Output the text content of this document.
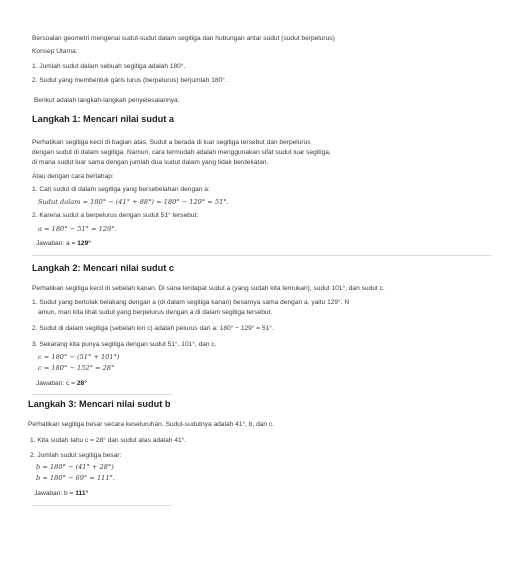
Bersoalan geometri mengenai sudut-sudut dalam segitiga dan hubungan antar sudut (sudut berpelurus)
Konsep Utama:
1. Jumlah sudut dalam sebuah segitiga adalah 180°.
2. Sudut yang membentuk garis lurus (berpelurus) berjumlah 180°.
Berikut adalah langkah-langkah penyelesaiannya:
Langkah 1: Mencari nilai sudut a
Perhatikan segitiga kecil di bagian atas. Sudut a berada di luar segitiga tersebut dan berpelurus
dengan sudut di dalam segitiga. Namun, cara termudah adalah menggunakan sifat sudut luar segitiga,
di mana sudut luar sama dengan jumlah dua sudut dalam yang tidak berdekatan.
Atau dengan cara bertahap:
1. Cari sudut di dalam segitiga yang bersebelahan dengan a:
Sudut dalam = 180° − (41° + 88°) = 180° − 129° = 51°.
2. Karena sudut a berpelurus dengan sudut 51° tersebut:
a = 180° − 51° = 129°.
Jawaban: a = 129°
Langkah 2: Mencari nilai sudut c
Perhatikan segitiga kecil di sebelah kanan. Di sana terdapat sudut a (yang sudah kita temukan), sudut 101°, dan sudut c.
1. Sudut yang bertolak belakang dengan a (di dalam segitiga kanan) besarnya sama dengan a, yaitu 129°. N
amun, mari kita lihat sudut yang berpelurus dengan a di dalam segitiga tersebut.
2. Sudut di dalam segitiga (sebelah kiri c) adalah pelurus dari a: 180° − 129° = 51°.
3. Sekarang kita punya segitiga dengan sudut 51°, 101°, dan c.
c = 180° − (51° + 101°)
c = 180° − 152° = 28°
Jawaban: c = 28°
Langkah 3: Mencari nilai sudut b
Perhatikan segitiga besar secara keseluruhan. Sudut-sudutnya adalah 41°, b, dan c.
1. Kita sudah tahu c = 28° dan sudut atas adalah 41°.
2. Jumlah sudut segitiga besar:
b = 180° − (41° + 28°)
b = 180° − 69° = 111°.
Jawaban: b = 111°
